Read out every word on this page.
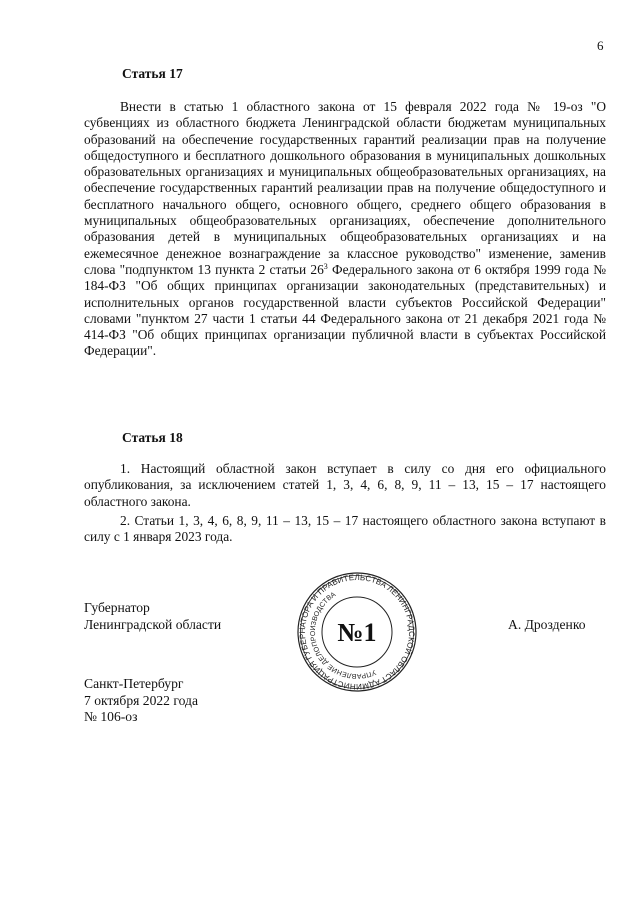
6
Статья 17
Внести в статью 1 областного закона от 15 февраля 2022 года № 19-оз "О субвенциях из областного бюджета Ленинградской области бюджетам муниципальных образований на обеспечение государственных гарантий реализации прав на получение общедоступного и бесплатного дошкольного образования в муниципальных дошкольных образовательных организациях и муниципальных общеобразовательных организациях, на обеспечение государственных гарантий реализации прав на получение общедоступного и бесплатного начального общего, основного общего, среднего общего образования в муниципальных общеобразовательных организациях, обеспечение дополнительного образования детей в муниципальных общеобразовательных организациях и на ежемесячное денежное вознаграждение за классное руководство" изменение, заменив слова "подпунктом 13 пункта 2 статьи $26^3$ Федерального закона от 6 октября 1999 года № 184-ФЗ "Об общих принципах организации законодательных (представительных) и исполнительных органов государственной власти субъектов Российской Федерации" словами "пунктом 27 части 1 статьи 44 Федерального закона от 21 декабря 2021 года № 414-ФЗ "Об общих принципах организации публичной власти в субъектах Российской Федерации".
Статья 18
1. Настоящий областной закон вступает в силу со дня его официального опубликования, за исключением статей 1, 3, 4, 6, 8, 9, 11 – 13, 15 – 17 настоящего областного закона.
2. Статьи 1, 3, 4, 6, 8, 9, 11 – 13, 15 – 17 настоящего областного закона вступают в силу с 1 января 2023 года.
Губернатор
Ленинградской области	А. Дрозденко
АДМИНИСТРАЦИЯ ГУБЕРНАТОРА И ПРАВИТЕЛЬСТВА ЛЕНИНГРАДСКОЙ ОБЛАСТИ
УПРАВЛЕНИЕ ДЕЛОПРОИЗВОДСТВА
№1
Санкт-Петербург
7 октября 2022 года
№ 106-оз
